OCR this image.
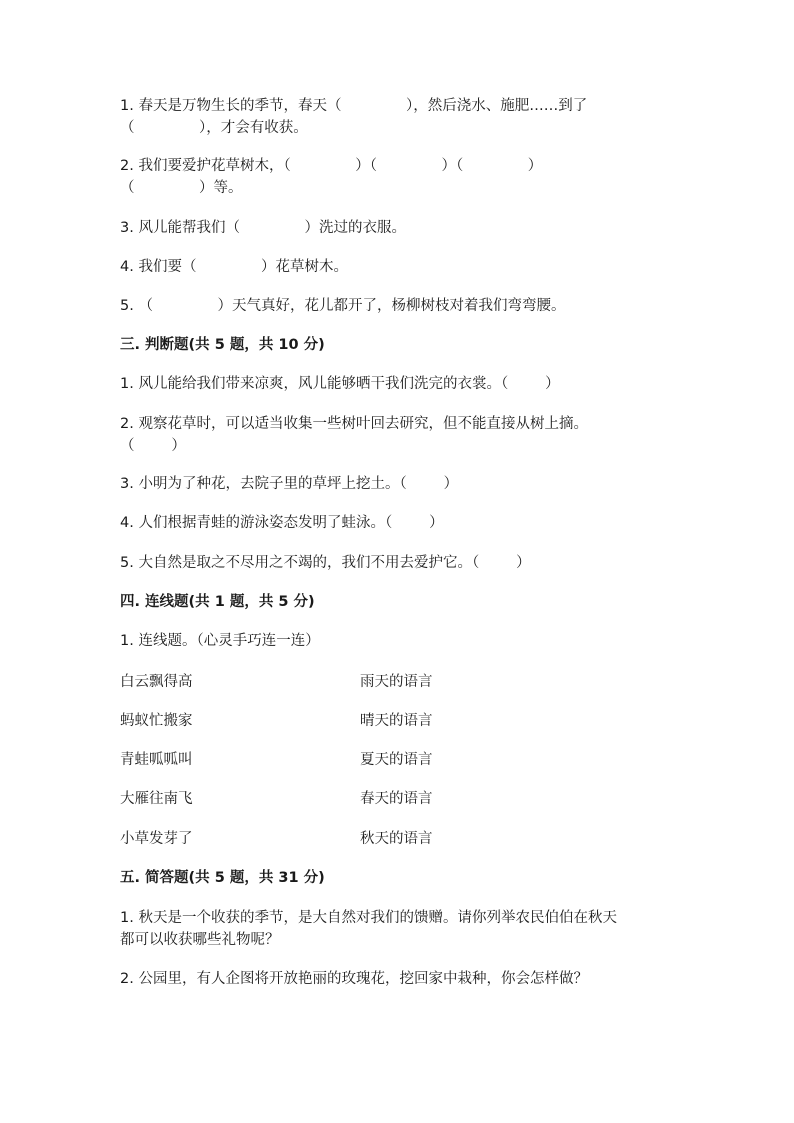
1. 春天是万物生长的季节，春天（              ），然后浇水、施肥……到了
（              ），才会有收获。
2. 我们要爱护花草树木，（              ）（              ）（              ）
（              ）等。
3. 风儿能帮我们（              ）洗过的衣服。
4. 我们要（              ）花草树木。
5. （              ）天气真好，花儿都开了，杨柳树枝对着我们弯弯腰。
三. 判断题(共 5 题，共 10 分)
1. 风儿能给我们带来凉爽，风儿能够晒干我们洗完的衣裳。（        ）
2. 观察花草时，可以适当收集一些树叶回去研究，但不能直接从树上摘。
（        ）
3. 小明为了种花，去院子里的草坪上挖土。（        ）
4. 人们根据青蛙的游泳姿态发明了蛙泳。（        ）
5. 大自然是取之不尽用之不竭的，我们不用去爱护它。（        ）
四. 连线题(共 1 题，共 5 分)
1. 连线题。（心灵手巧连一连）
白云飘得高	雨天的语言
蚂蚁忙搬家	晴天的语言
青蛙呱呱叫	夏天的语言
大雁往南飞	春天的语言
小草发芽了	秋天的语言
五. 简答题(共 5 题，共 31 分)
1. 秋天是一个收获的季节，是大自然对我们的馈赠。请你列举农民伯伯在秋天
都可以收获哪些礼物呢？
2. 公园里，有人企图将开放艳丽的玫瑰花，挖回家中栽种，你会怎样做？
